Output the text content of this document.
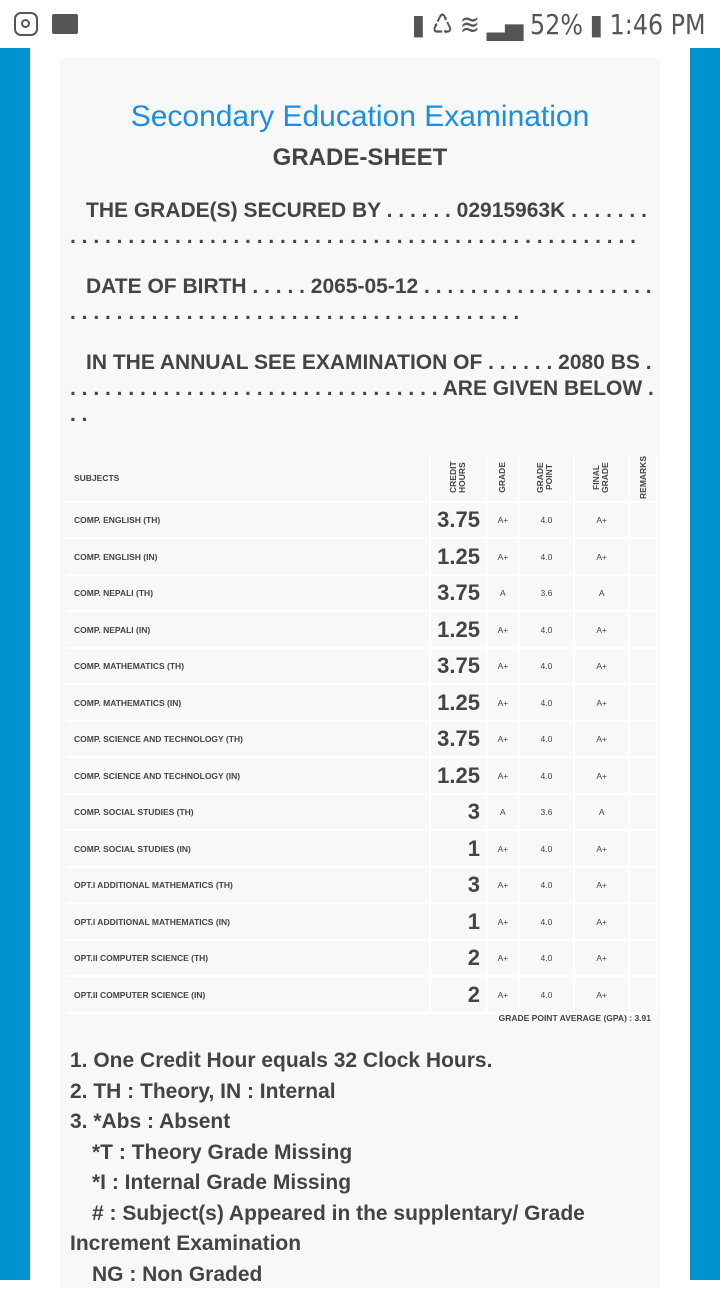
▮ ♺ ≋ ▂▄ 52% ▮ 1:46 PM
Secondary Education Examination
GRADE-SHEET
THE GRADE(S) SECURED BY . . . . . . 02915963K . . . . . . . . . . . . . . . . . . . . . . . . . . . . . . . . . . . . . . . . . . . . . . . . . . . . . . . .
DATE OF BIRTH . . . . . 2065-05-12 . . . . . . . . . . . . . . . . . . . . . . . . . . . . . . . . . . . . . . . . . . . . . . . . . . . . . . . . . . .
IN THE ANNUAL SEE EXAMINATION OF . . . . . . 2080 BS . . . . . . . . . . . . . . . . . . . . . . . . . . . . . . . . . ARE GIVEN BELOW . . .
SUBJECTS	CREDIT HOURS	GRADE	GRADE POINT	FINAL GRADE	REMARKS
COMP. ENGLISH (TH)	3.75	A+	4.0	A+	
COMP. ENGLISH (IN)	1.25	A+	4.0	A+	
COMP. NEPALI (TH)	3.75	A	3.6	A	
COMP. NEPALI (IN)	1.25	A+	4.0	A+	
COMP. MATHEMATICS (TH)	3.75	A+	4.0	A+	
COMP. MATHEMATICS (IN)	1.25	A+	4.0	A+	
COMP. SCIENCE AND TECHNOLOGY (TH)	3.75	A+	4.0	A+	
COMP. SCIENCE AND TECHNOLOGY (IN)	1.25	A+	4.0	A+	
COMP. SOCIAL STUDIES (TH)	3	A	3.6	A	
COMP. SOCIAL STUDIES (IN)	1	A+	4.0	A+	
OPT.I ADDITIONAL MATHEMATICS (TH)	3	A+	4.0	A+	
OPT.I ADDITIONAL MATHEMATICS (IN)	1	A+	4.0	A+	
OPT.II COMPUTER SCIENCE (TH)	2	A+	4.0	A+	
OPT.II COMPUTER SCIENCE (IN)	2	A+	4.0	A+	
GRADE POINT AVERAGE (GPA) : 3.91
1. One Credit Hour equals 32 Clock Hours.
2. TH : Theory, IN : Internal
3. *Abs : Absent
*T : Theory Grade Missing
*I : Internal Grade Missing
# : Subject(s) Appeared in the supplentary/ Grade
Increment Examination
NG : Non Graded
